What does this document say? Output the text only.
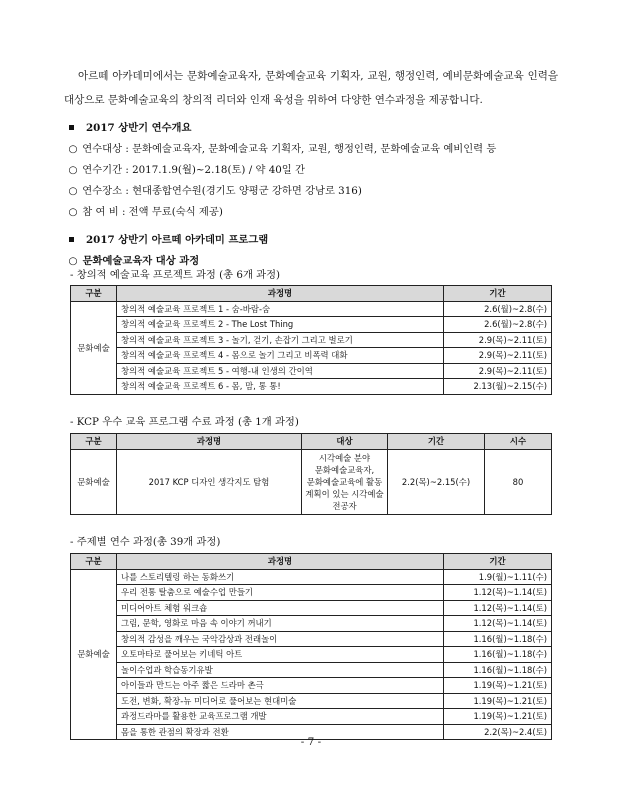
아르떼 아카데미에서는 문화예술교육자, 문화예술교육 기획자, 교원, 행정인력, 예비문화예술교육 인력을 대상으로 문화예술교육의 창의적 리더와 인재 육성을 위하여 다양한 연수과정을 제공합니다.

2017 상반기 연수개요
○ 연수대상 : 문화예술교육자, 문화예술교육 기획자, 교원, 행정인력, 문화예술교육 예비인력 등
○ 연수기간 : 2017.1.9(월)~2.18(토) / 약 40일 간
○ 연수장소 : 현대종합연수원(경기도 양평군 강하면 강남로 316)
○ 참 여 비 : 전액 무료(숙식 제공)
2017 상반기 아르떼 아카데미 프로그램
○ 문화예술교육자 대상 과정
- 창의적 예술교육 프로젝트 과정 (총 6개 과정)
구분	과정명	기간
문화예술	창의적 예술교육 프로젝트 1 - 숨-바람-숨	2.6(월)~2.8(수)
	창의적 예술교육 프로젝트 2 - The Lost Thing	2.6(월)~2.8(수)
	창의적 예술교육 프로젝트 3 - 놀기, 걷기, 손잡기 그리고 벌로기	2.9(목)~2.11(토)
	창의적 예술교육 프로젝트 4 - 몸으로 놀기 그리고 비폭력 대화	2.9(목)~2.11(토)
	창의적 예술교육 프로젝트 5 - 여행-내 인생의 간이역	2.9(목)~2.11(토)
	창의적 예술교육 프로젝트 6 - 몸, 맘, 통 통!	2.13(월)~2.15(수)
- KCP 우수 교육 프로그램 수료 과정 (총 1개 과정)
구분	과정명	대상	기간	시수
문화예술	2017 KCP 디자인 생각지도 탐험	시각예술 분야
문화예술교육자,
문화예술교육에 활동
계획이 있는 시각예술
전공자	2.2(목)~2.15(수)	80
- 주제별 연수 과정(총 39개 과정)
구분	과정명	기간
문화예술	나를 스토리텔링 하는 동화쓰기	1.9(월)~1.11(수)
	우리 전통 탈춤으로 예술수업 만들기	1.12(목)~1.14(토)
	미디어아트 체험 워크숍	1.12(목)~1.14(토)
	그림, 문학, 영화로 마음 속 이야기 꺼내기	1.12(목)~1.14(토)
	창의적 감성을 깨우는 국악감상과 전래놀이	1.16(월)~1.18(수)
	오토마타로 풀어보는 키네틱 아트	1.16(월)~1.18(수)
	놀이수업과 학습동기유발	1.16(월)~1.18(수)
	아이들과 만드는 아주 짧은 드라마 촌극	1.19(목)~1.21(토)
	도전, 변화, 확장-뉴 미디어로 풀어보는 현대미술	1.19(목)~1.21(토)
	과정드라마를 활용한 교육프로그램 개발	1.19(목)~1.21(토)
	몸을 통한 관점의 확장과 전환	2.2(목)~2.4(토)
- 7 -
